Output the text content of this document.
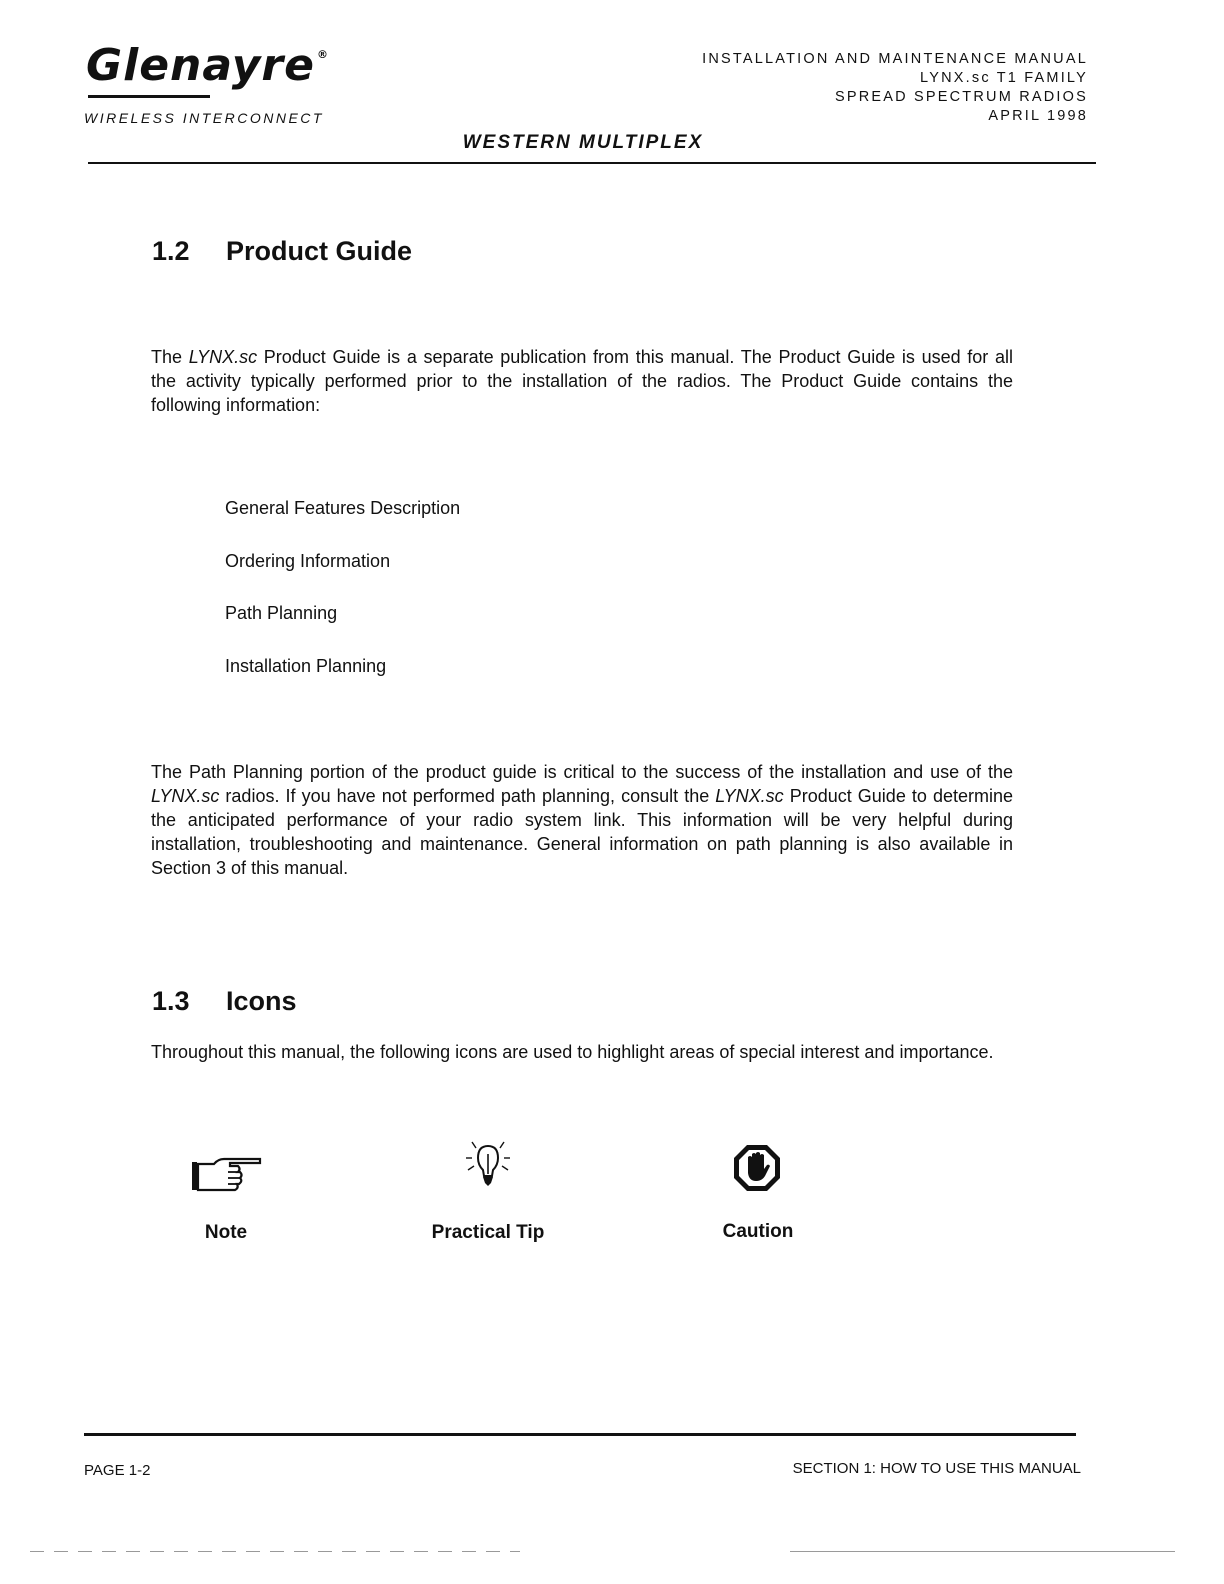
Glenayre ®
WIRELESS INTERCONNECT
INSTALLATION AND MAINTENANCE MANUAL
LYNX.sc T1 FAMILY
SPREAD SPECTRUM RADIOS
APRIL 1998
WESTERN MULTIPLEX
1.2 Product Guide
The LYNX.sc Product Guide is a separate publication from this manual. The Product Guide is used for all the activity typically performed prior to the installation of the radios. The Product Guide contains the following information:
General Features Description
Ordering Information
Path Planning
Installation Planning
The Path Planning portion of the product guide is critical to the success of the installation and use of the LYNX.sc radios. If you have not performed path planning, consult the LYNX.sc Product Guide to determine the anticipated performance of your radio system link. This information will be very helpful during installation, troubleshooting and maintenance. General information on path planning is also available in Section 3 of this manual.
1.3 Icons
Throughout this manual, the following icons are used to highlight areas of special interest and importance.
Note	Practical Tip	Caution
PAGE 1-2	SECTION 1: HOW TO USE THIS MANUAL
